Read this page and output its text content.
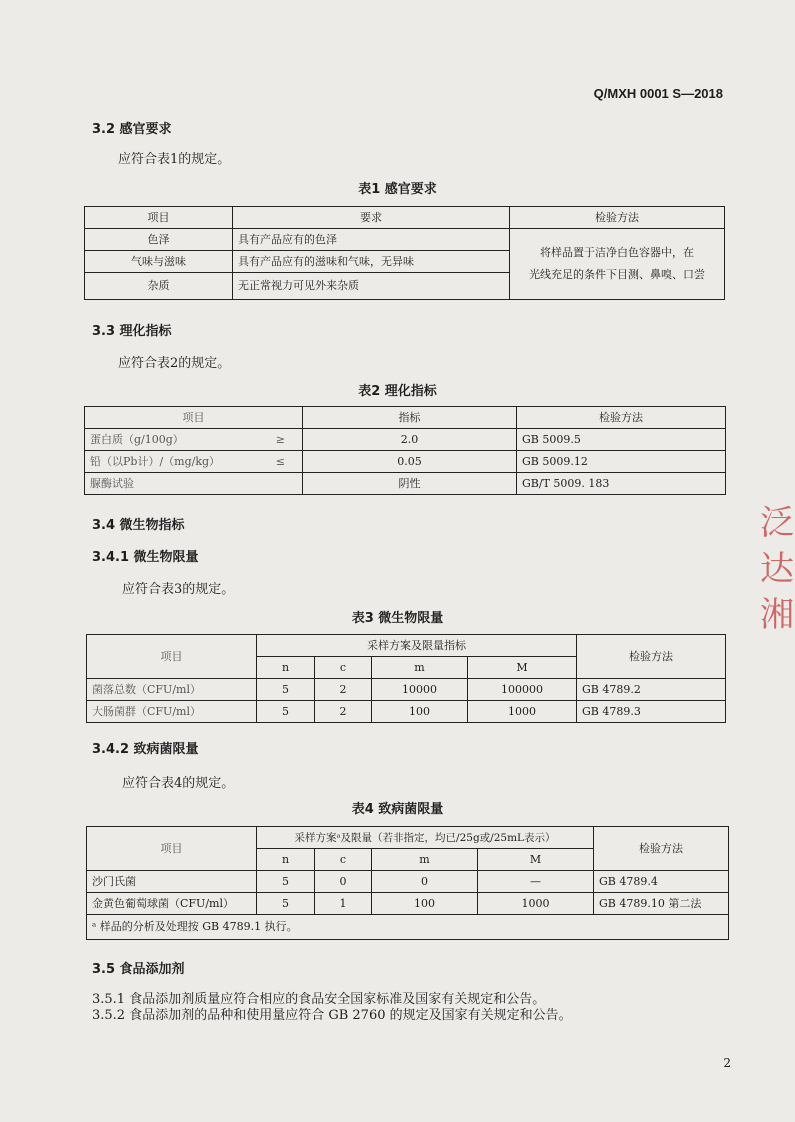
Q/MXH 0001 S—2018
3.2 感官要求
应符合表1的规定。
表1 感官要求
项目	要求	检验方法
色泽	具有产品应有的色泽	将样品置于洁净白色容器中，在
光线充足的条件下目测、鼻嗅、口尝

气味与滋味	具有产品应有的滋味和气味，无异味	
杂质	无正常视力可见外来杂质	
3.3 理化指标
应符合表2的规定。
表2 理化指标
项目	指标	检验方法
蛋白质（g/100g） ≥	2.0	GB 5009.5
铅（以Pb计）/（mg/kg） ≤	0.05	GB 5009.12
脲酶试验	阴性	GB/T 5009. 183
3.4 微生物指标
3.4.1 微生物限量
应符合表3的规定。
表3 微生物限量
项目	采样方案及限量指标				检验方法
	n	c	m	M	
菌落总数（CFU/ml）	5	2	10000	100000	GB 4789.2
大肠菌群（CFU/ml）	5	2	100	1000	GB 4789.3
3.4.2 致病菌限量
应符合表4的规定。
表4 致病菌限量
项目	采样方案ᵃ及限量（若非指定，均已/25g或/25mL表示）				检验方法
	n	c	m	M	
沙门氏菌	5	0	0	—	GB 4789.4
金黄色葡萄球菌（CFU/ml）	5	1	100	1000	GB 4789.10 第二法
ᵃ 样品的分析及处理按 GB 4789.1 执行。					
3.5 食品添加剂
3.5.1 食品添加剂质量应符合相应的食品安全国家标准及国家有关规定和公告。
3.5.2 食品添加剂的品种和使用量应符合 GB 2760 的规定及国家有关规定和公告。
泛
达
湘
2
